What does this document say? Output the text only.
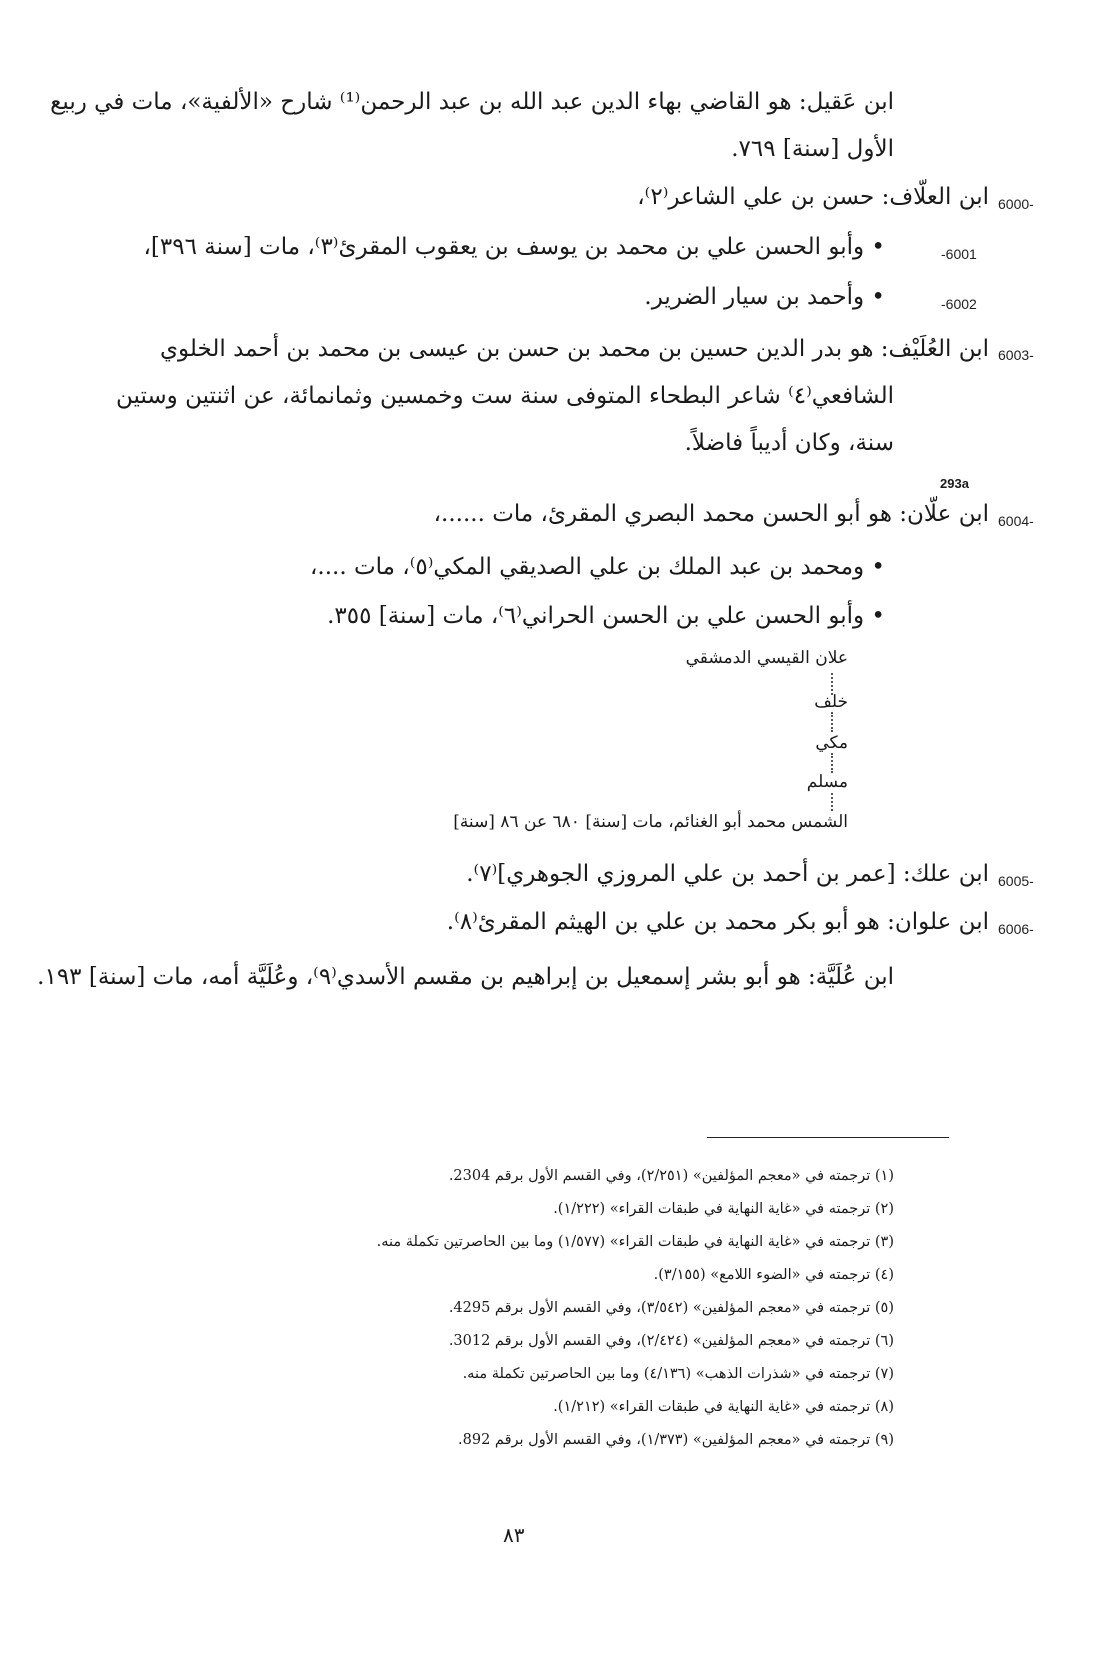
ابن عَقيل: هو القاضي بهاء الدين عبد الله بن عبد الرحمن⁽¹⁾ شارح «الألفية»، مات في ربيع
الأول [سنة] ٧٦٩.
6000-
ابن العلّاف: حسن بن علي الشاعر⁽٢⁾،
-6001
• وأبو الحسن علي بن محمد بن يوسف بن يعقوب المقرئ⁽٣⁾، مات [سنة ٣٩٦]،
-6002
• وأحمد بن سيار الضرير.
6003-
ابن العُلَيْف: هو بدر الدين حسين بن محمد بن حسن بن عيسى بن محمد بن أحمد الخلوي
الشافعي⁽٤⁾ شاعر البطحاء المتوفى سنة ست وخمسين وثمانمائة، عن اثنتين وستين
سنة، وكان أديباً فاضلاً.
293a
6004-
ابن علّان: هو أبو الحسن محمد البصري المقرئ، مات ......،
• ومحمد بن عبد الملك بن علي الصديقي المكي⁽٥⁾، مات ....،
• وأبو الحسن علي بن الحسن الحراني⁽٦⁾، مات [سنة] ٣٥٥.
علان القيسي الدمشقي
خلف
مكي
مسلم
الشمس محمد أبو الغنائم، مات [سنة] ٦٨٠ عن ٨٦ [سنة]
6005-
ابن علك: [عمر بن أحمد بن علي المروزي الجوهري]⁽٧⁾.
6006-
ابن علوان: هو أبو بكر محمد بن علي بن الهيثم المقرئ⁽٨⁾.
ابن عُلَيَّة: هو أبو بشر إسمعيل بن إبراهيم بن مقسم الأسدي⁽٩⁾، وعُلَيَّة أمه، مات [سنة] ١٩٣.
(١) ترجمته في «معجم المؤلفين» (٢/٢٥١)، وفي القسم الأول برقم 2304.
(٢) ترجمته في «غاية النهاية في طبقات القراء» (١/٢٢٢).
(٣) ترجمته في «غاية النهاية في طبقات القراء» (١/٥٧٧) وما بين الحاصرتين تكملة منه.
(٤) ترجمته في «الضوء اللامع» (٣/١٥٥).
(٥) ترجمته في «معجم المؤلفين» (٣/٥٤٢)، وفي القسم الأول برقم 4295.
(٦) ترجمته في «معجم المؤلفين» (٢/٤٢٤)، وفي القسم الأول برقم 3012.
(٧) ترجمته في «شذرات الذهب» (٤/١٣٦) وما بين الحاصرتين تكملة منه.
(٨) ترجمته في «غاية النهاية في طبقات القراء» (١/٢١٢).
(٩) ترجمته في «معجم المؤلفين» (١/٣٧٣)، وفي القسم الأول برقم 892.
٨٣
